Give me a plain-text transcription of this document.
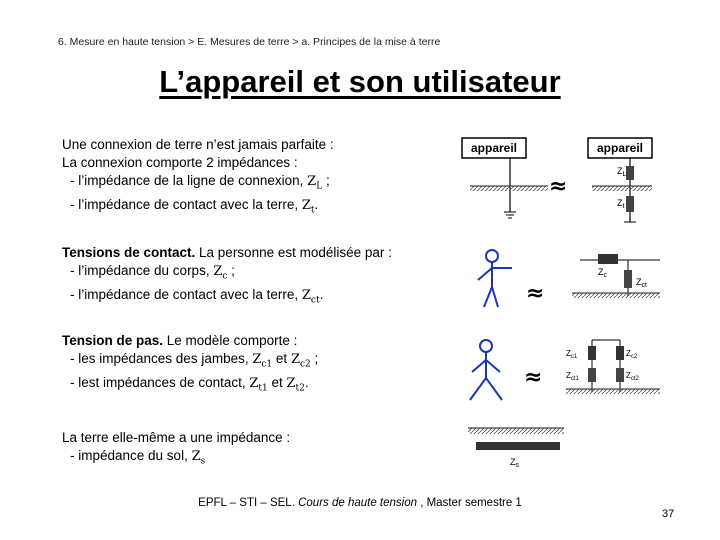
6. Mesure en haute tension > E. Mesures de terre > a. Principes de la mise à terre
L’appareil et son utilisateur
Une connexion de terre n’est jamais parfaite :
La connexion comporte 2 impédances :
- l’impédance de la ligne de connexion, $Z_L$ ;
- l’impédance de contact avec la terre, $Z_t$.
Tensions de contact. La personne est modélisée par :
- l’impédance du corps, $Z_c$ ;
- l’impédance de contact avec la terre, $Z_{ct}$.
Tension de pas. Le modèle comporte :
- les impédances des jambes, $Z_{c1}$ et $Z_{c2}$ ;
- lest impédances de contact, $Z_{t1}$ et $Z_{t2}$.
La terre elle-même a une impédance :
- impédance du sol, $Z_s$
appareil
≈
appareil
$Z_L$
$Z_t$
≈
$Z_c$
$Z_{ct}$
≈
$Z_{c1}$	$Z_{c2}$
$Z_{ct1}$	$Z_{ct2}$
$Z_s$
EPFL – STI – SEL. Cours de haute tension , Master semestre 1
37
